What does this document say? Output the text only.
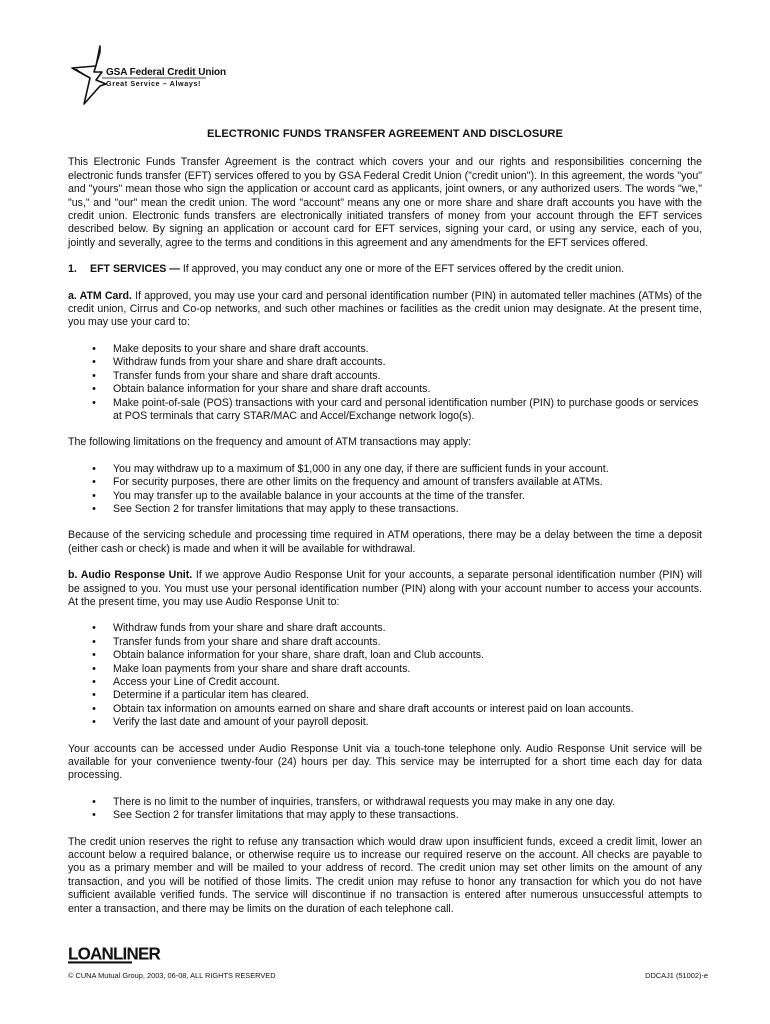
GSA Federal Credit Union
Great Service – Always!
ELECTRONIC FUNDS TRANSFER AGREEMENT AND DISCLOSURE

This Electronic Funds Transfer Agreement is the contract which covers your and our rights and responsibilities concerning the electronic funds transfer (EFT) services offered to you by GSA Federal Credit Union ("credit union"). In this agreement, the words "you" and "yours" mean those who sign the application or account card as applicants, joint owners, or any authorized users. The words "we," "us," and "our" mean the credit union. The word "account" means any one or more share and share draft accounts you have with the credit union. Electronic funds transfers are electronically initiated transfers of money from your account through the EFT services described below. By signing an application or account card for EFT services, signing your card, or using any service, each of you, jointly and severally, agree to the terms and conditions in this agreement and any amendments for the EFT services offered.

1. EFT SERVICES — If approved, you may conduct any one or more of the EFT services offered by the credit union.

a. ATM Card. If approved, you may use your card and personal identification number (PIN) in automated teller machines (ATMs) of the credit union, Cirrus and Co-op networks, and such other machines or facilities as the credit union may designate. At the present time, you may use your card to:

•	Make deposits to your share and share draft accounts.
•	Withdraw funds from your share and share draft accounts.
•	Transfer funds from your share and share draft accounts.
•	Obtain balance information for your share and share draft accounts.
•	Make point-of-sale (POS) transactions with your card and personal identification number (PIN) to purchase goods or services at POS terminals that carry STAR/MAC and Accel/Exchange network logo(s).

The following limitations on the frequency and amount of ATM transactions may apply:

•	You may withdraw up to a maximum of $1,000 in any one day, if there are sufficient funds in your account.
•	For security purposes, there are other limits on the frequency and amount of transfers available at ATMs.
•	You may transfer up to the available balance in your accounts at the time of the transfer.
•	See Section 2 for transfer limitations that may apply to these transactions.

Because of the servicing schedule and processing time required in ATM operations, there may be a delay between the time a deposit (either cash or check) is made and when it will be available for withdrawal.

b. Audio Response Unit. If we approve Audio Response Unit for your accounts, a separate personal identification number (PIN) will be assigned to you. You must use your personal identification number (PIN) along with your account number to access your accounts. At the present time, you may use Audio Response Unit to:

•	Withdraw funds from your share and share draft accounts.
•	Transfer funds from your share and share draft accounts.
•	Obtain balance information for your share, share draft, loan and Club accounts.
•	Make loan payments from your share and share draft accounts.
•	Access your Line of Credit account.
•	Determine if a particular item has cleared.
•	Obtain tax information on amounts earned on share and share draft accounts or interest paid on loan accounts.
•	Verify the last date and amount of your payroll deposit.

Your accounts can be accessed under Audio Response Unit via a touch-tone telephone only. Audio Response Unit service will be available for your convenience twenty-four (24) hours per day. This service may be interrupted for a short time each day for data processing.

•	There is no limit to the number of inquiries, transfers, or withdrawal requests you may make in any one day.
•	See Section 2 for transfer limitations that may apply to these transactions.

The credit union reserves the right to refuse any transaction which would draw upon insufficient funds, exceed a credit limit, lower an account below a required balance, or otherwise require us to increase our required reserve on the account. All checks are payable to you as a primary member and will be mailed to your address of record. The credit union may set other limits on the amount of any transaction, and you will be notified of those limits. The credit union may refuse to honor any transaction for which you do not have sufficient available verified funds. The service will discontinue if no transaction is entered after numerous unsuccessful attempts to enter a transaction, and there may be limits on the duration of each telephone call.

LOANLINER
© CUNA Mutual Group, 2003, 06-08, ALL RIGHTS RESERVED	DDCAJ1 (51002)-e
